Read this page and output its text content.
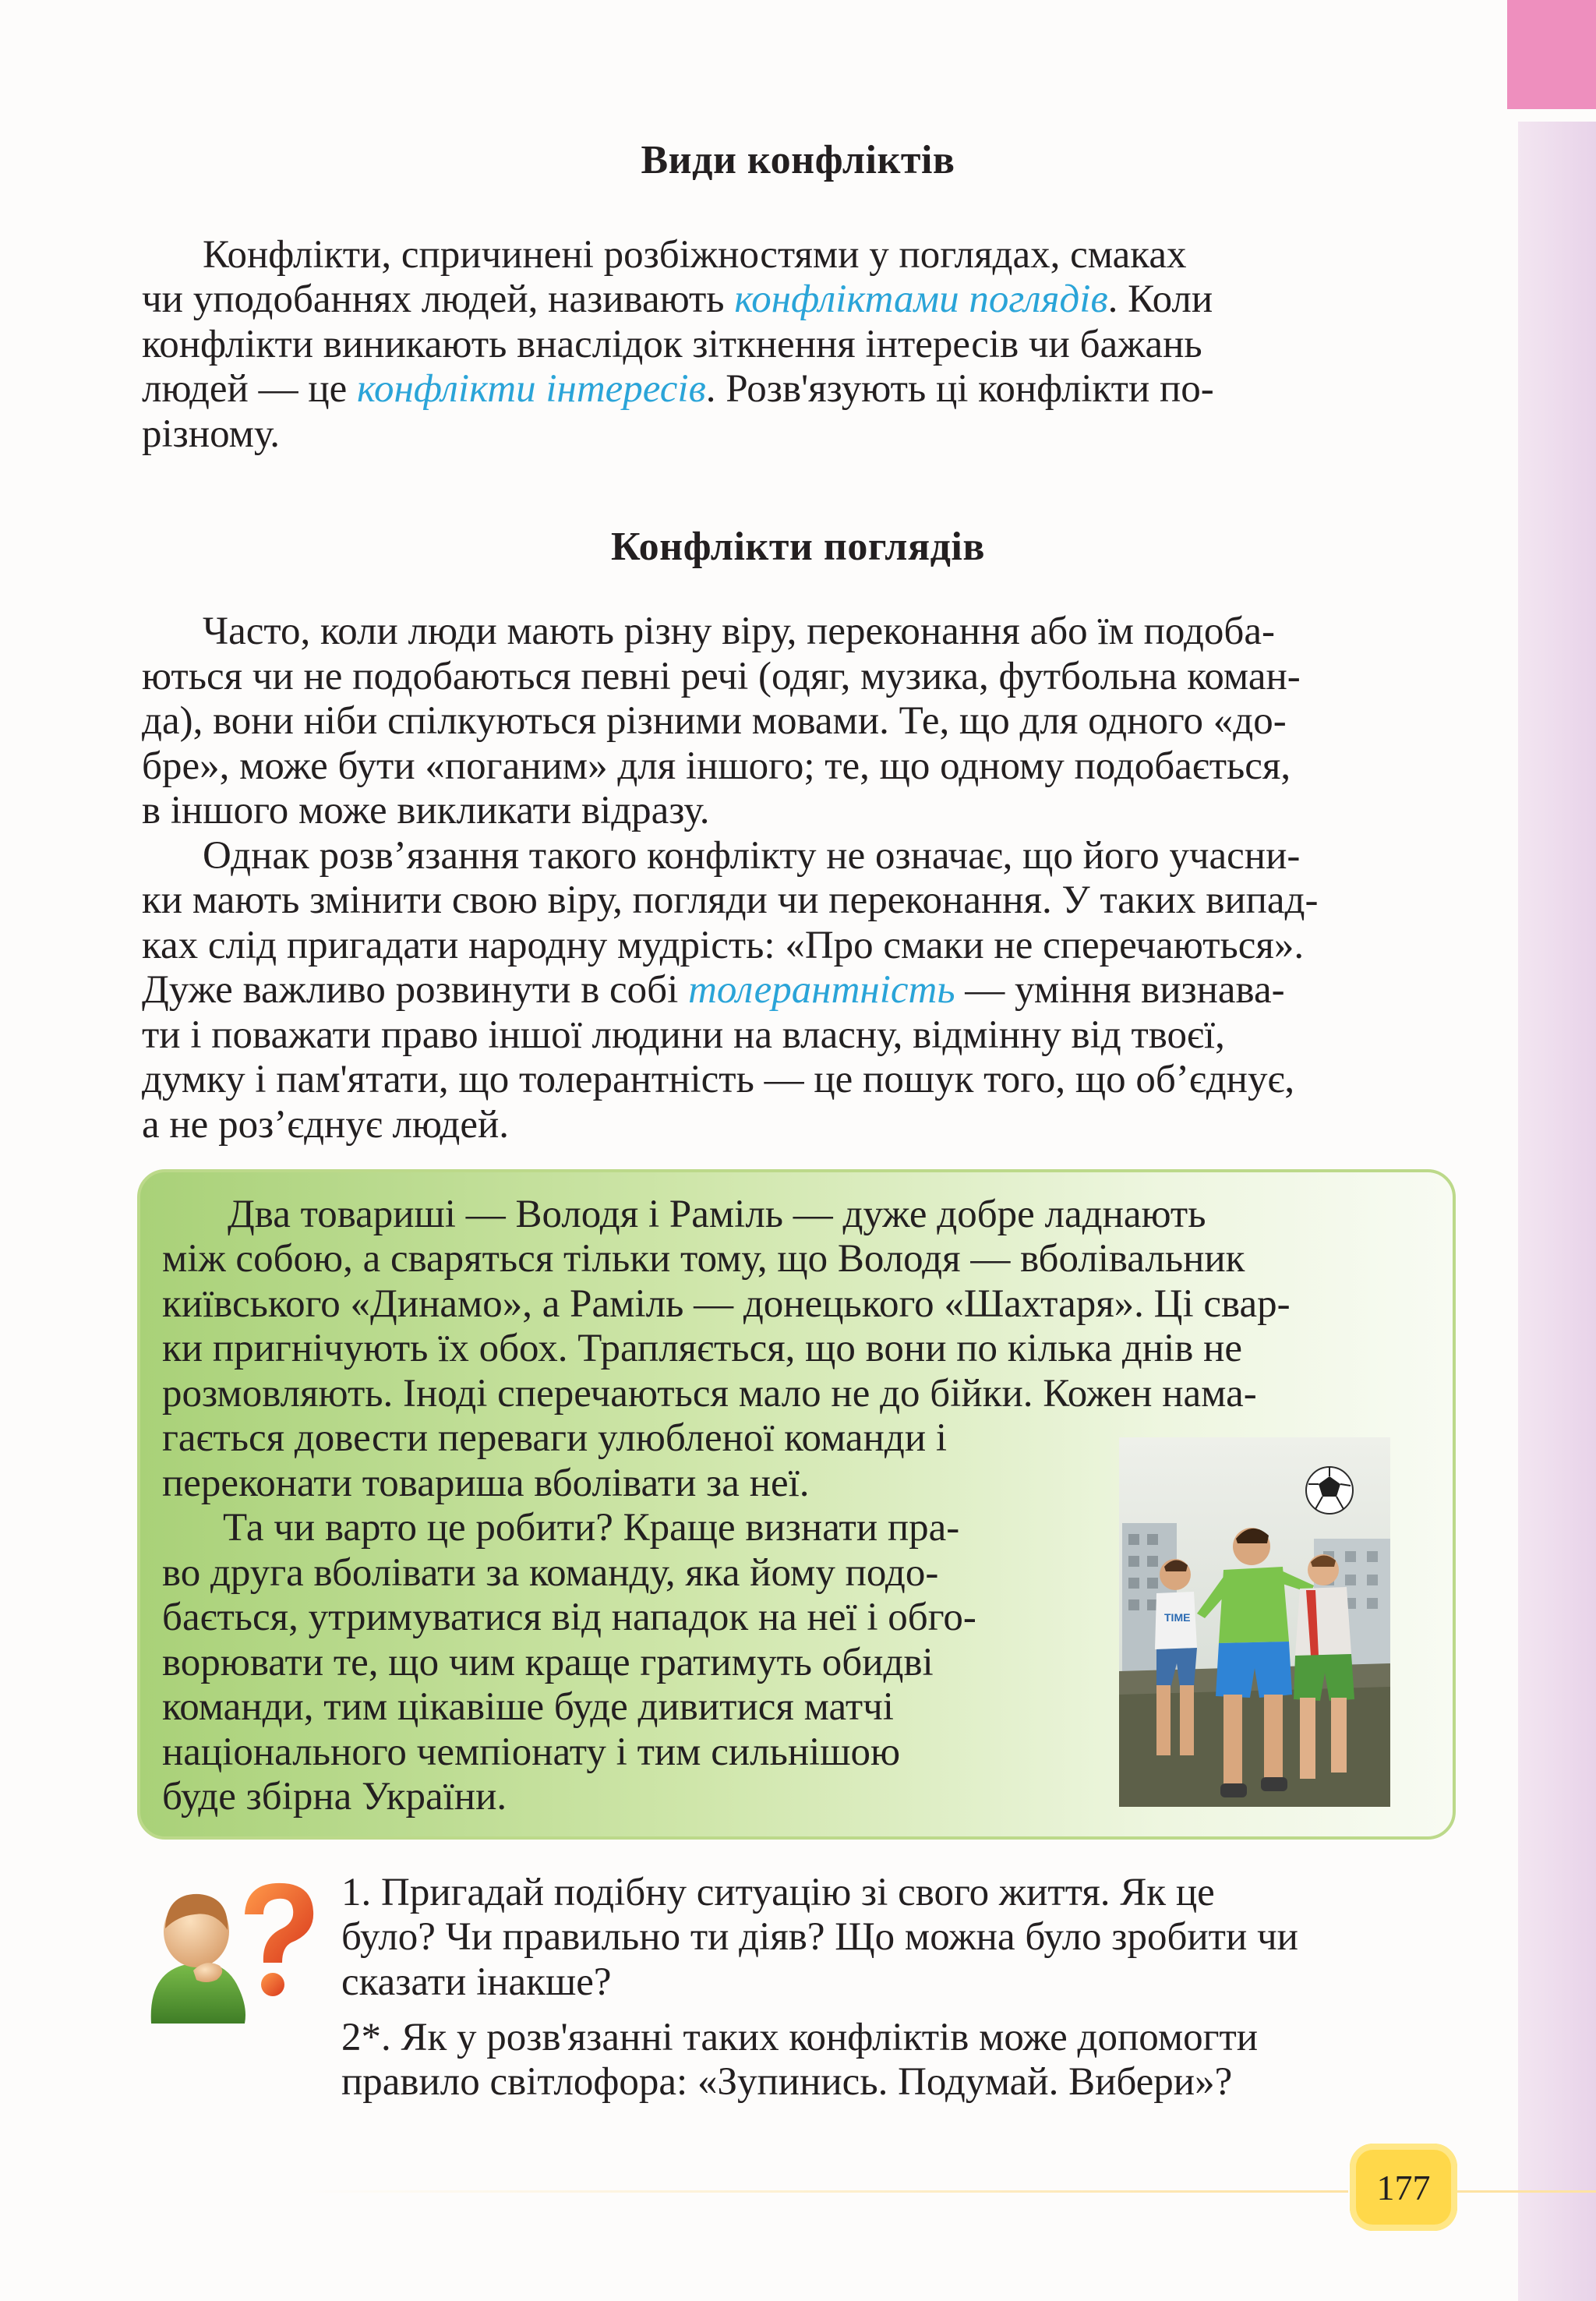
Види конфліктів

Конфлікти, спричинені розбіжностями у поглядах, смаках

чи уподобаннях людей, називають конфліктами поглядів. Коли

конфлікти виникають внаслідок зіткнення інтересів чи бажань

людей — це конфлікти інтересів. Розв'язують ці конфлікти по-

різному.

Конфлікти поглядів

Часто, коли люди мають різну віру, переконання або їм подоба-

ються чи не подобаються певні речі (одяг, музика, футбольна коман-

да), вони ніби спілкуються різними мовами. Те, що для одного «до-

бре», може бути «поганим» для іншого; те, що одному подобається,

в іншого може викликати відразу.

Однак розв’язання такого конфлікту не означає, що його учасни-

ки мають змінити свою віру, погляди чи переконання. У таких випад-

ках слід пригадати народну мудрість: «Про смаки не сперечаються».

Дуже важливо розвинути в собі толерантність — уміння визнава-

ти і поважати право іншої людини на власну, відмінну від твоєї,

думку і пам'ятати, що толерантність — це пошук того, що об’єднує,

а не роз’єднує людей.

Два товариші — Володя і Раміль — дуже добре ладнають

між собою, а сваряться тільки тому, що Володя — вболівальник

київського «Динамо», а Раміль — донецького «Шахтаря». Ці свар-

ки пригнічують їх обох. Трапляється, що вони по кілька днів не

розмовляють. Іноді сперечаються мало не до бійки. Кожен нама-

гається довести переваги улюбленої команди і

переконати товариша вболівати за неї.

Та чи варто це робити? Краще визнати пра-

во друга вболівати за команду, яка йому подо-

бається, утримуватися від нападок на неї і обго-

ворювати те, що чим краще гратимуть обидві

команди, тим цікавіше буде дивитися матчі

національного чемпіонату і тим сильнішою

буде збірна України.

TIME

1. Пригадай подібну ситуацію зі свого життя. Як це

було? Чи правильно ти діяв? Що можна було зробити чи

сказати інакше?

2*. Як у розв'язанні таких конфліктів може допомогти

правило світлофора: «Зупинись. Подумай. Вибери»?

177
